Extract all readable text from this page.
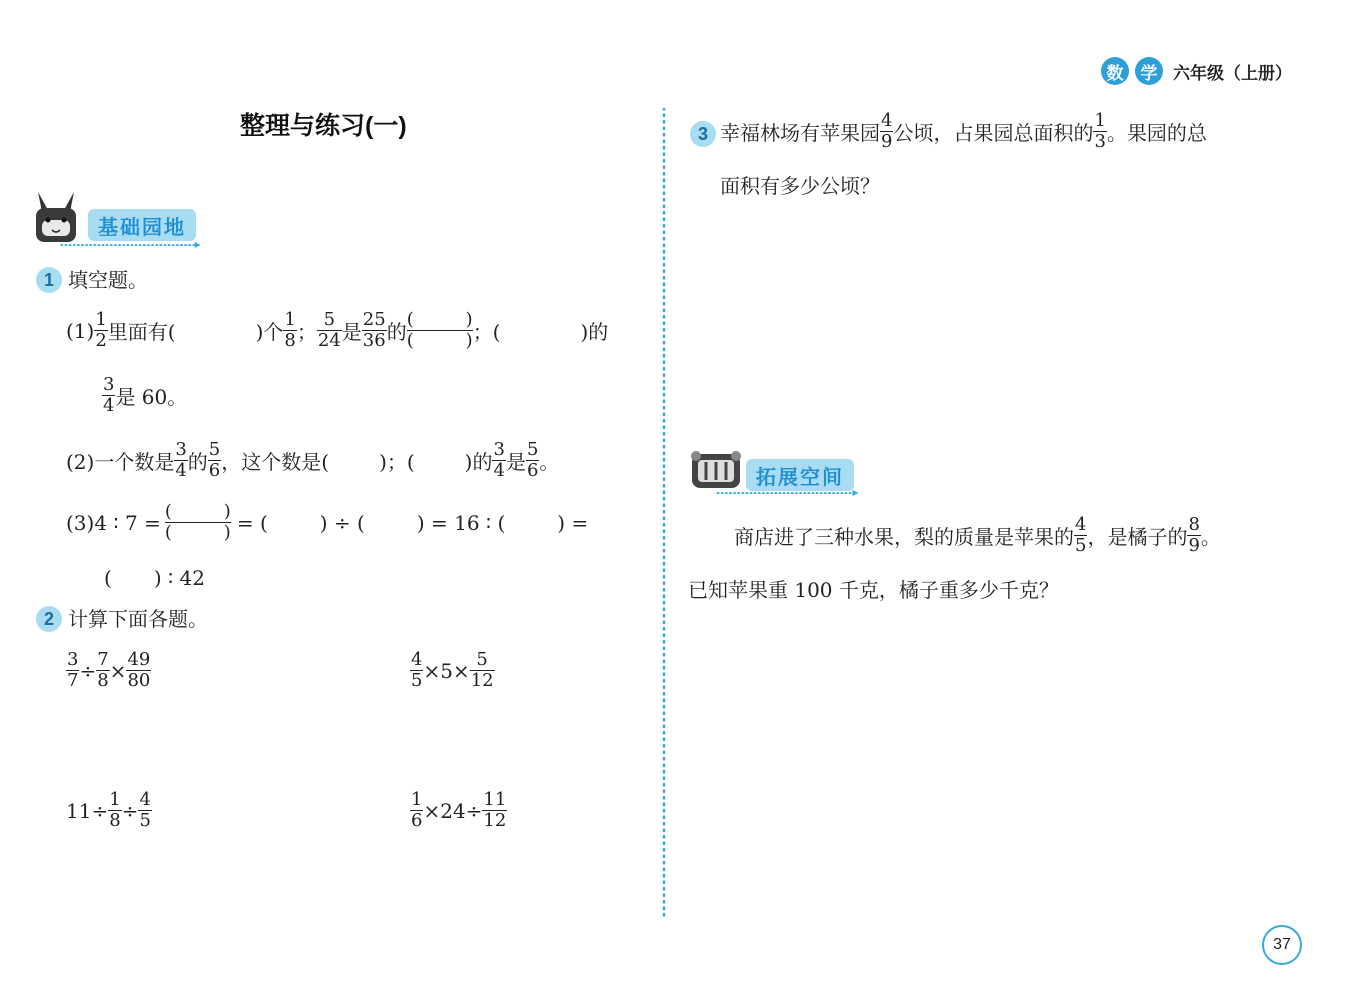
数	学 六年级（上册）
整理与练习(一)
基础园地
1 填空题。
$(1) \frac{1}{2}$ 里面有(	)个 $\frac{1}{8}$ ； $\frac{5}{24}$ 是 $\frac{25}{36}$ 的 (	)
(	) ；(	)的
$\frac{3}{4}$ 是 60。
(2)一个数是 $\frac{3}{4}$ 的 $\frac{5}{6}$ ，这个数是(	)；(	)的 $\frac{3}{4}$ 是 $\frac{5}{6}$ 。
(3)4 ∶ 7 = (	)
(	) = (	) ÷ (	) = 16 ∶ (	) =
( ) ∶ 42
2 计算下面各题。
$\frac{3}{7} \div \frac{7}{8} \times \frac{49}{80}$	$\frac{4}{5} \times 5\times \frac{5}{12}$
$11\div \frac{1}{8} \div \frac{4}{5}$	$\frac{1}{6} \times 24\div \frac{11}{12}$
3 幸福林场有苹果园 $\frac{4}{9}$ 公顷，占果园总面积的 $\frac{1}{3}$ 。果园的总
面积有多少公顷？
拓展空间
商店进了三种水果，梨的质量是苹果的 $\frac{4}{5}$ ，是橘子的 $\frac{8}{9}$ 。
已知苹果重 100 千克，橘子重多少千克？
37
